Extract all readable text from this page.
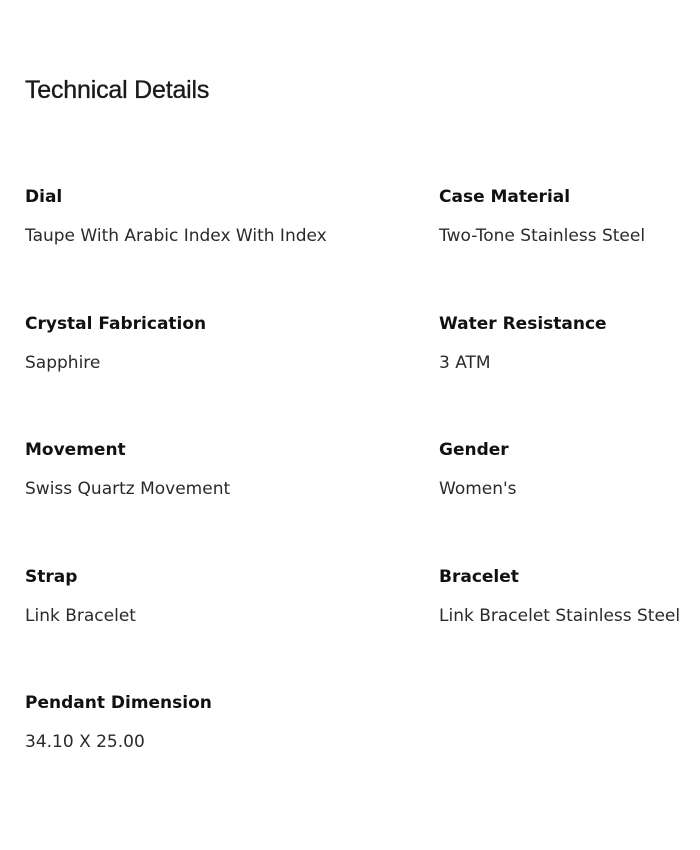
Technical Details
Dial
Taupe With Arabic Index With Index
Case Material
Two-Tone Stainless Steel
Crystal Fabrication
Sapphire
Water Resistance
3 ATM
Movement
Swiss Quartz Movement
Gender
Women's
Strap
Link Bracelet
Bracelet
Link Bracelet Stainless Steel
Pendant Dimension
34.10 X 25.00
